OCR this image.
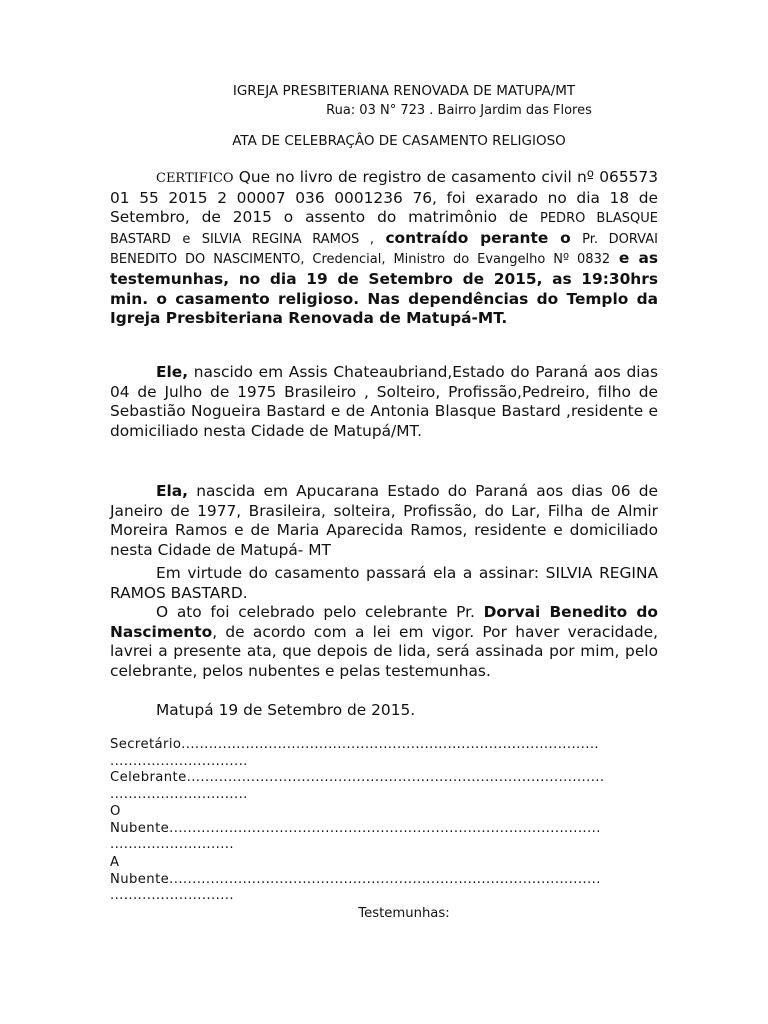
IGREJA PRESBITERIANA RENOVADA DE MATUPA/MT
Rua: 03 N° 723 . Bairro Jardim das Flores
ATA DE CELEBRAÇÂO DE CASAMENTO RELIGIOSO
CERTIFICO Que no livro de registro de casamento civil nº 065573 01 55 2015 2 00007 036 0001236 76, foi exarado no dia 18 de Setembro, de 2015 o assento do matrimônio de PEDRO BLASQUE BASTARD e SILVIA REGINA RAMOS , contraído perante o Pr. DORVAI BENEDITO DO NASCIMENTO, Credencial, Ministro do Evangelho Nº 0832 e as testemunhas, no dia 19 de Setembro de 2015, as 19:30hrs min. o casamento religioso. Nas dependências do Templo da Igreja Presbiteriana Renovada de Matupá-MT.
Ele, nascido em Assis Chateaubriand,Estado do Paraná aos dias 04 de Julho de 1975 Brasileiro , Solteiro, Profissão,Pedreiro, filho de Sebastião Nogueira Bastard e de Antonia Blasque Bastard ,residente e domiciliado nesta Cidade de Matupá/MT.
Ela, nascida em Apucarana Estado do Paraná aos dias 06 de Janeiro de 1977, Brasileira, solteira, Profissão, do Lar, Filha de Almir Moreira Ramos e de Maria Aparecida Ramos, residente e domiciliado nesta Cidade de Matupá- MT
Em virtude do casamento passará ela a assinar: SILVIA REGINA RAMOS BASTARD.
O ato foi celebrado pelo celebrante Pr. Dorvai Benedito do Nascimento, de acordo com a lei em vigor. Por haver veracidade, lavrei a presente ata, que depois de lida, será assinada por mim, pelo celebrante, pelos nubentes e pelas testemunhas.
Matupá 19 de Setembro de 2015.
Secretário...........................................................................................
..............................
Celebrante...........................................................................................
..............................
O
Nubente..............................................................................................
...........................
A
Nubente..............................................................................................
...........................
Testemunhas:
